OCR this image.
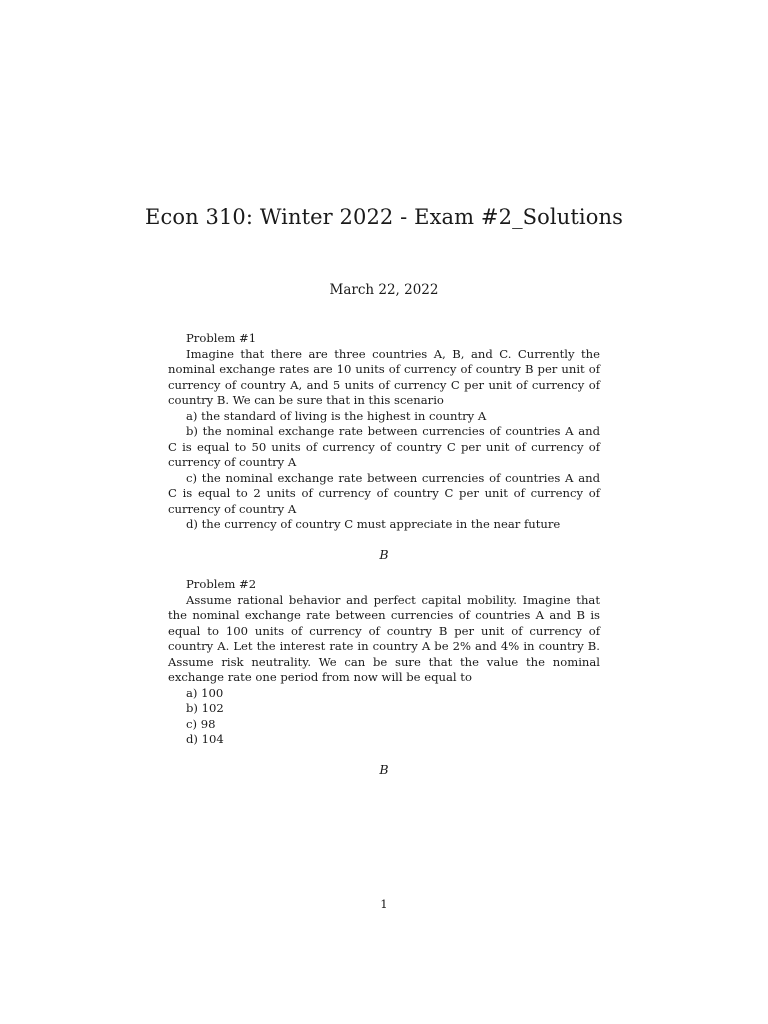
Econ 310: Winter 2022 - Exam #2_Solutions
March 22, 2022

Problem #1

Imagine that there are three countries A, B, and C. Currently the nominal exchange rates are 10 units of currency of country B per unit of currency of country A, and 5 units of currency C per unit of currency of country B. We can be sure that in this scenario

a) the standard of living is the highest in country A

b) the nominal exchange rate between currencies of countries A and C is equal to 50 units of currency of country C per unit of currency of currency of country A

c) the nominal exchange rate between currencies of countries A and C is equal to 2 units of currency of country C per unit of currency of currency of country A

d) the currency of country C must appreciate in the near future

B

Problem #2

Assume rational behavior and perfect capital mobility. Imagine that the nominal exchange rate between currencies of countries A and B is equal to 100 units of currency of country B per unit of currency of country A. Let the interest rate in country A be 2% and 4% in country B. Assume risk neutrality. We can be sure that the value the nominal exchange rate one period from now will be equal to

a) 100

b) 102

c) 98

d) 104

B
1
